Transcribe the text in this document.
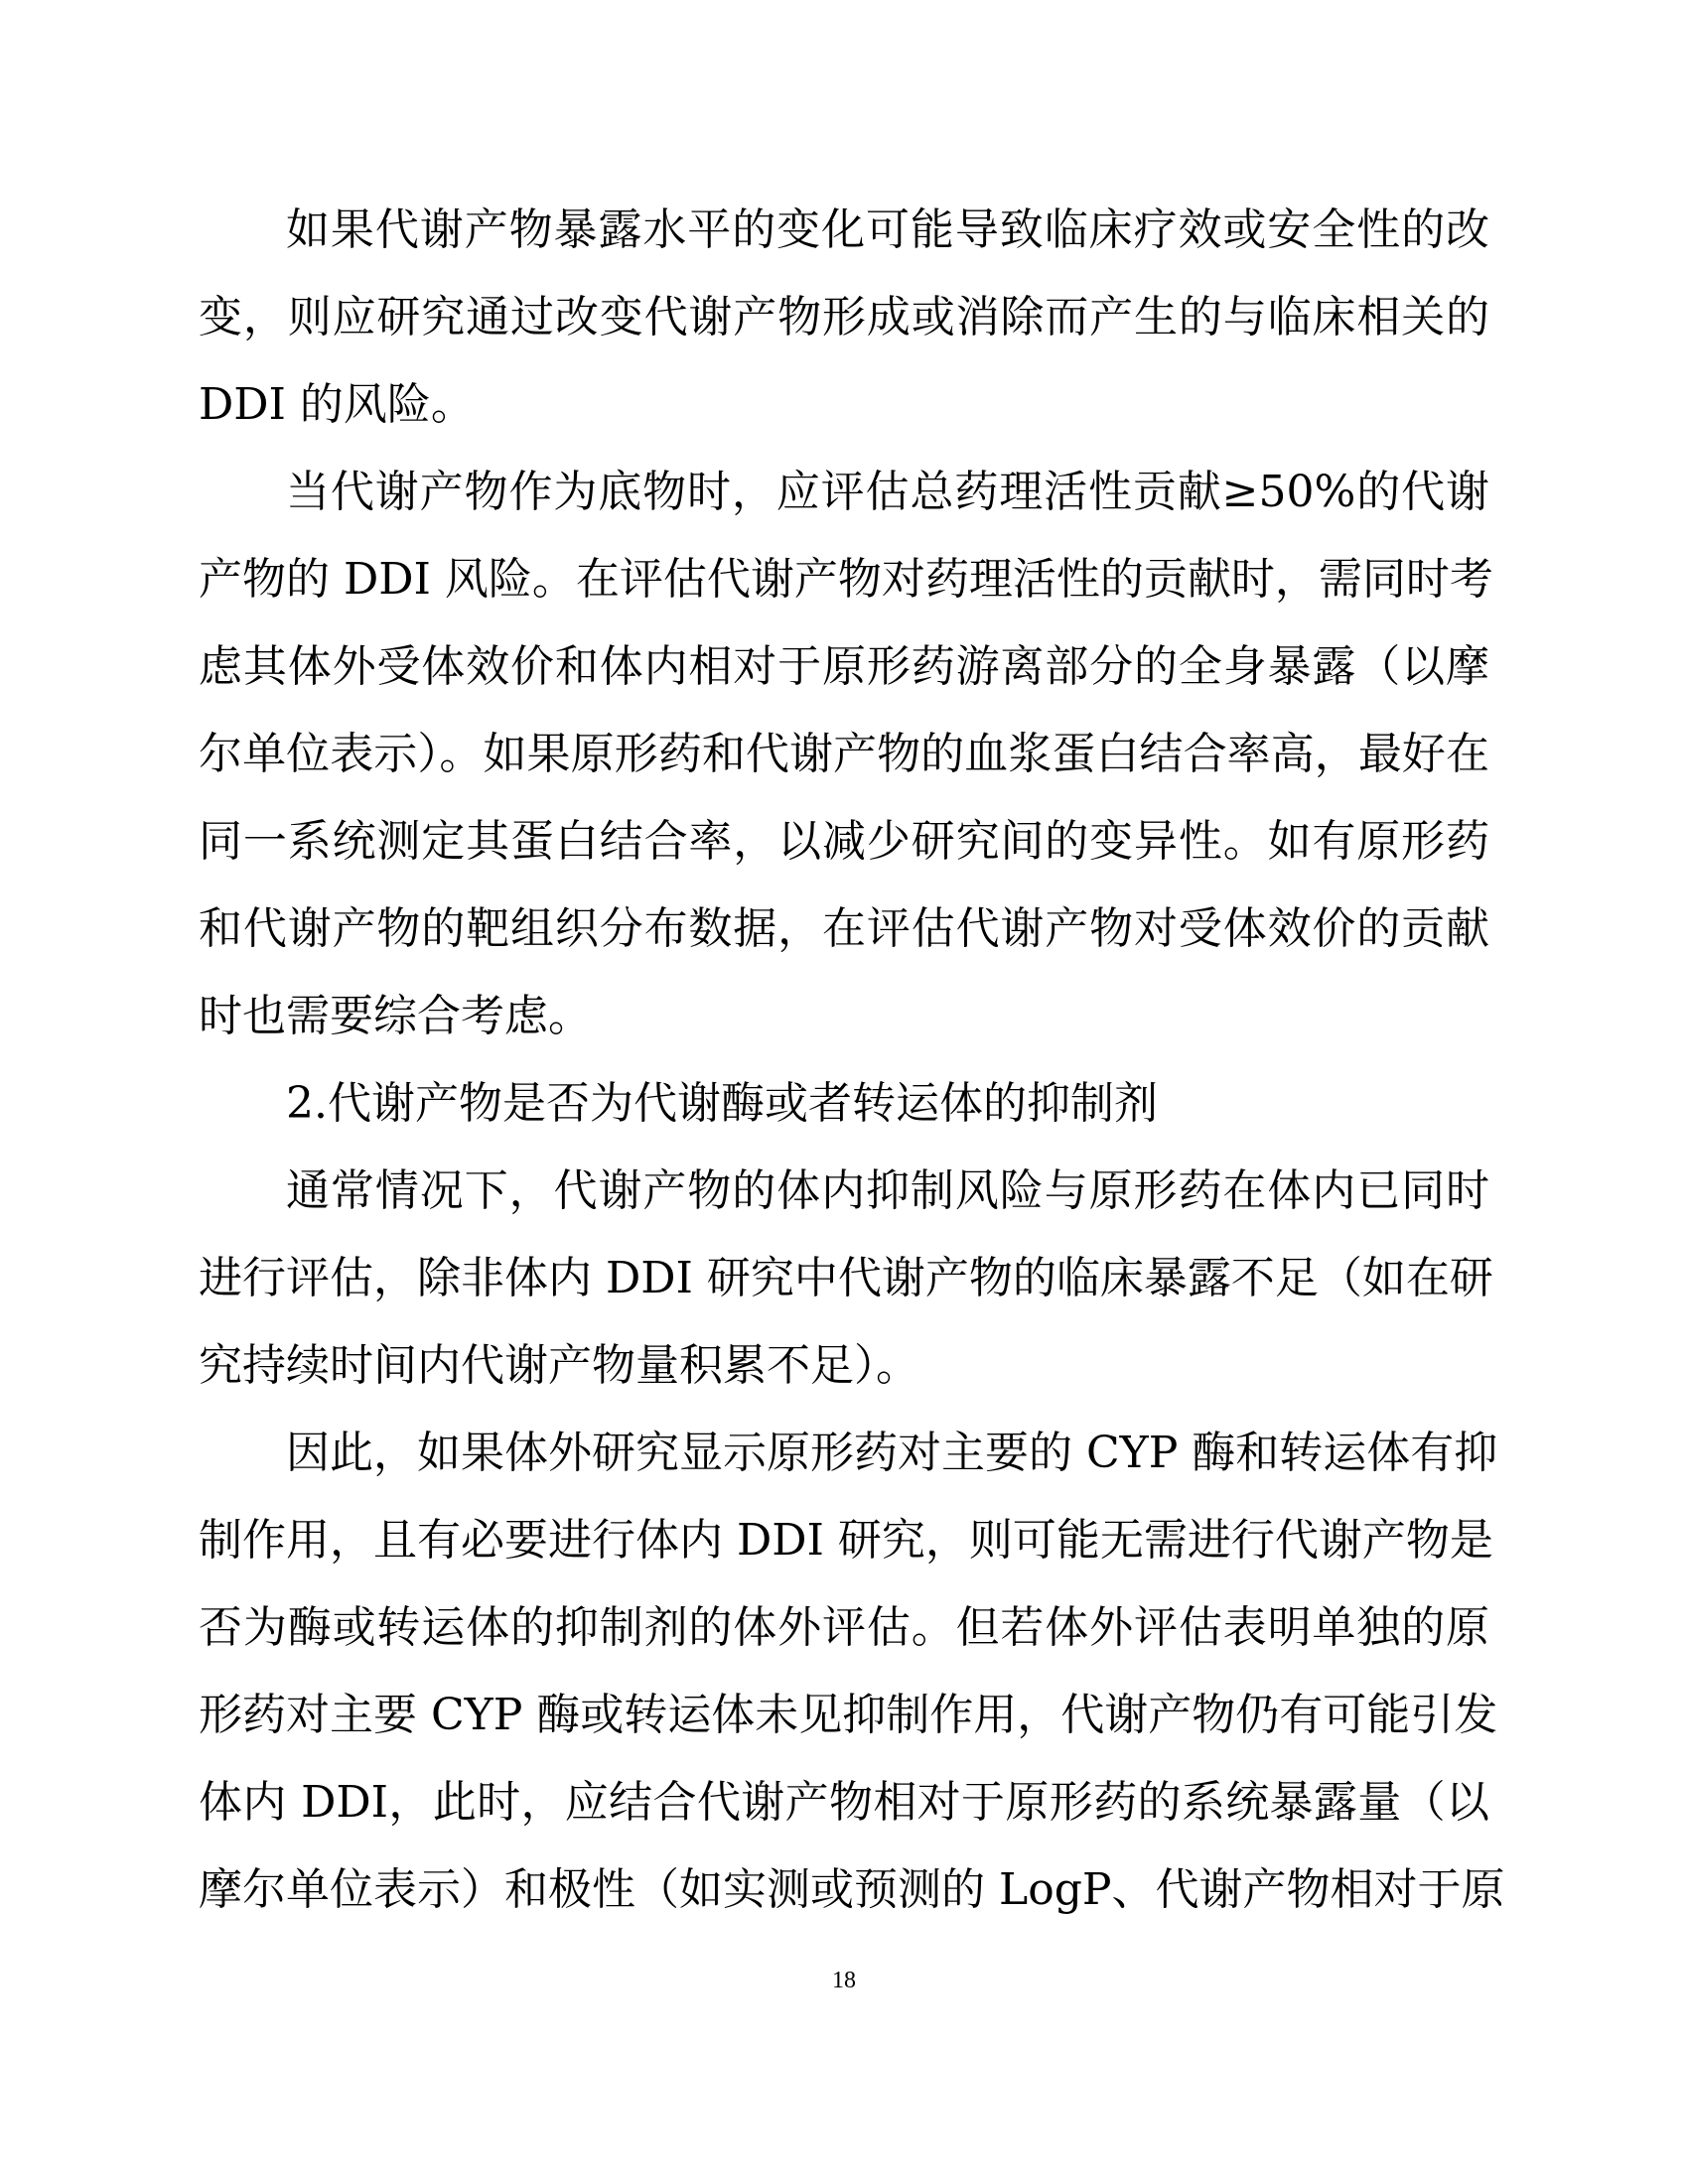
如果代谢产物暴露水平的变化可能导致临床疗效或安全性的改
变，则应研究通过改变代谢产物形成或消除而产生的与临床相关的
DDI 的风险。
当代谢产物作为底物时，应评估总药理活性贡献≥50%的代谢
产物的 DDI 风险。在评估代谢产物对药理活性的贡献时，需同时考
虑其体外受体效价和体内相对于原形药游离部分的全身暴露（以摩
尔单位表示）。如果原形药和代谢产物的血浆蛋白结合率高，最好在
同一系统测定其蛋白结合率，以减少研究间的变异性。如有原形药
和代谢产物的靶组织分布数据，在评估代谢产物对受体效价的贡献
时也需要综合考虑。
2.代谢产物是否为代谢酶或者转运体的抑制剂
通常情况下，代谢产物的体内抑制风险与原形药在体内已同时
进行评估，除非体内 DDI 研究中代谢产物的临床暴露不足（如在研
究持续时间内代谢产物量积累不足）。
因此，如果体外研究显示原形药对主要的 CYP 酶和转运体有抑
制作用，且有必要进行体内 DDI 研究，则可能无需进行代谢产物是
否为酶或转运体的抑制剂的体外评估。但若体外评估表明单独的原
形药对主要 CYP 酶或转运体未见抑制作用，代谢产物仍有可能引发
体内 DDI，此时，应结合代谢产物相对于原形药的系统暴露量（以
摩尔单位表示）和极性（如实测或预测的 LogP、代谢产物相对于原
18
